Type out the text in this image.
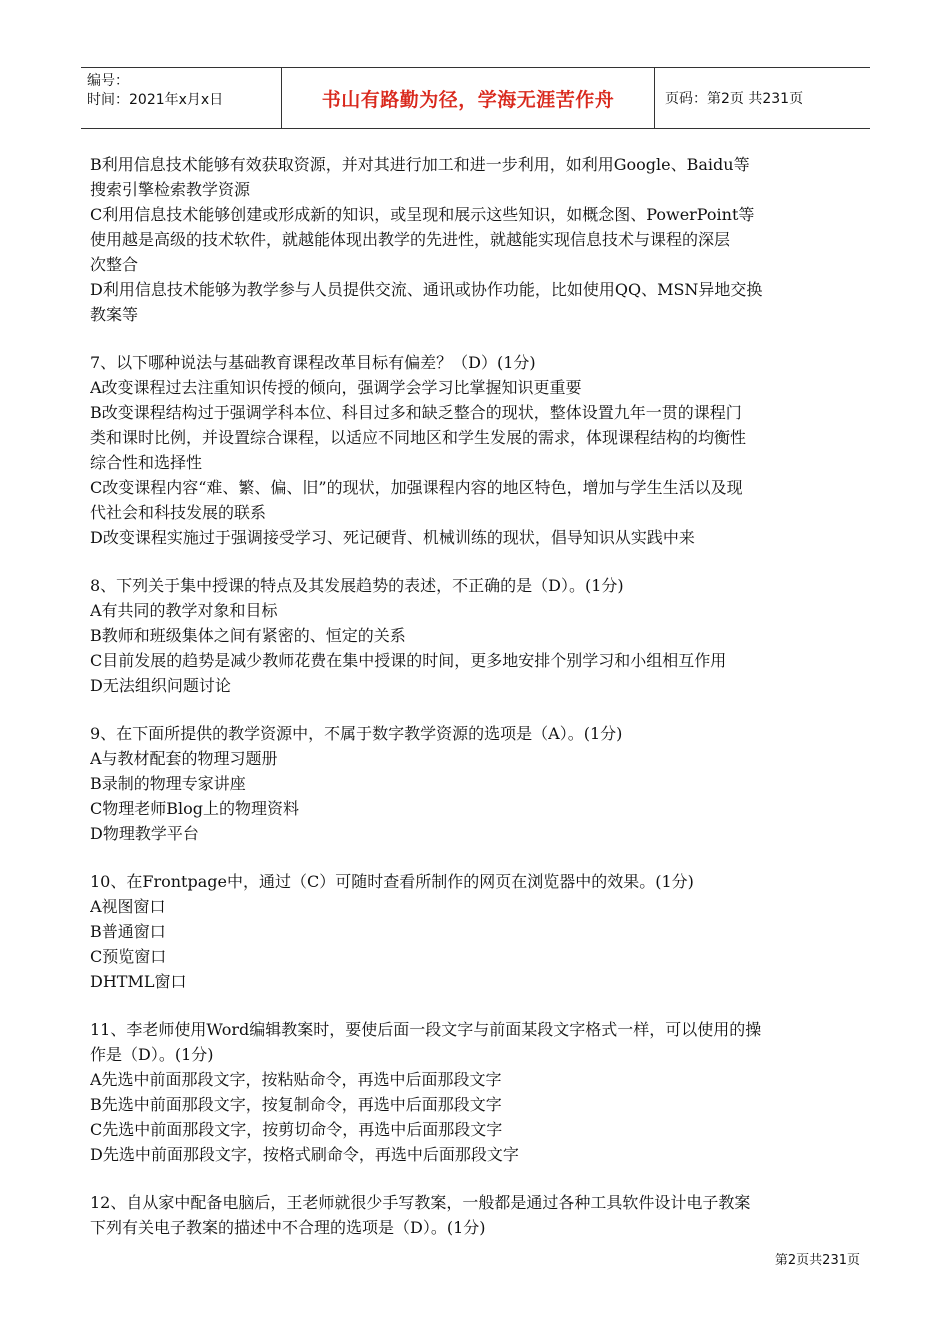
编号：
时间：2021年x月x日	书山有路勤为径，学海无涯苦作舟	页码：第2页 共231页
B利用信息技术能够有效获取资源，并对其进行加工和进一步利用，如利用Google、Baidu等
搜索引擎检索教学资源
C利用信息技术能够创建或形成新的知识，或呈现和展示这些知识，如概念图、PowerPoint等
使用越是高级的技术软件，就越能体现出教学的先进性，就越能实现信息技术与课程的深层
次整合
D利用信息技术能够为教学参与人员提供交流、通讯或协作功能，比如使用QQ、MSN异地交换
教案等
7、以下哪种说法与基础教育课程改革目标有偏差？（D）(1分)
A改变课程过去注重知识传授的倾向，强调学会学习比掌握知识更重要
B改变课程结构过于强调学科本位、科目过多和缺乏整合的现状，整体设置九年一贯的课程门
类和课时比例，并设置综合课程，以适应不同地区和学生发展的需求，体现课程结构的均衡性
综合性和选择性
C改变课程内容“难、繁、偏、旧”的现状，加强课程内容的地区特色，增加与学生生活以及现
代社会和科技发展的联系
D改变课程实施过于强调接受学习、死记硬背、机械训练的现状，倡导知识从实践中来
8、下列关于集中授课的特点及其发展趋势的表述，不正确的是（D）。(1分)
A有共同的教学对象和目标
B教师和班级集体之间有紧密的、恒定的关系
C目前发展的趋势是减少教师花费在集中授课的时间，更多地安排个别学习和小组相互作用
D无法组织问题讨论
9、在下面所提供的教学资源中，不属于数字教学资源的选项是（A）。(1分)
A与教材配套的物理习题册
B录制的物理专家讲座
C物理老师Blog上的物理资料
D物理教学平台
10、在Frontpage中，通过（C）可随时查看所制作的网页在浏览器中的效果。(1分)
A视图窗口
B普通窗口
C预览窗口
DHTML窗口
11、李老师使用Word编辑教案时，要使后面一段文字与前面某段文字格式一样，可以使用的操
作是（D）。(1分)
A先选中前面那段文字，按粘贴命令，再选中后面那段文字
B先选中前面那段文字，按复制命令，再选中后面那段文字
C先选中前面那段文字，按剪切命令，再选中后面那段文字
D先选中前面那段文字，按格式刷命令，再选中后面那段文字
12、自从家中配备电脑后，王老师就很少手写教案，一般都是通过各种工具软件设计电子教案
下列有关电子教案的描述中不合理的选项是（D）。(1分)
第2页共231页
